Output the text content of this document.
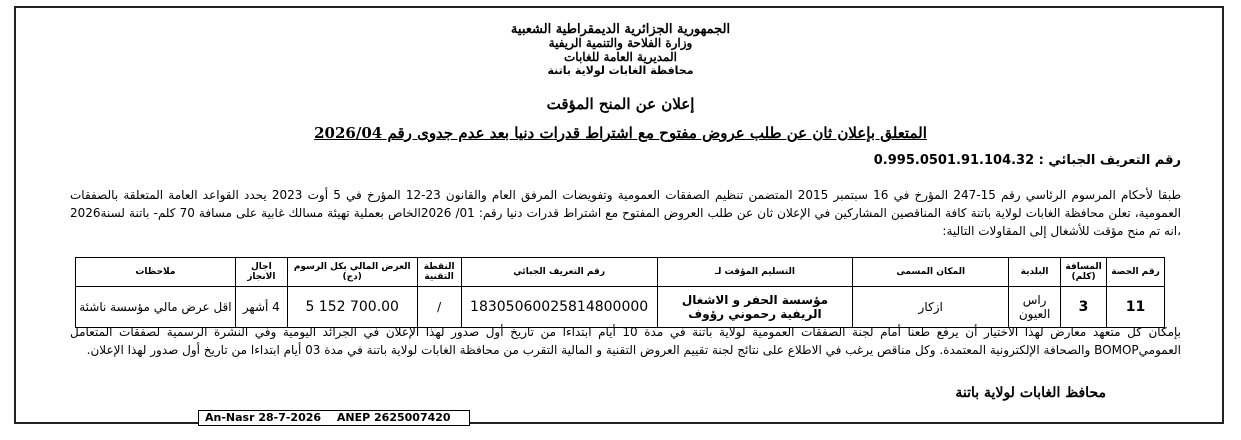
الجمهورية الجزائرية الديمقراطية الشعبية
وزارة الفلاحة والتنمية الريفية
المديرية العامة للغابات
محافظة الغابات لولاية باتنة
إعلان عن المنح المؤقت
المتعلق بإعلان ثان عن طلب عروض مفتوح مع اشتراط قدرات دنيا بعد عدم جدوى رقم 2026/04
رقم التعريف الجبائي : 0.995.0501.91.104.32
طبقا لأحكام المرسوم الرئاسي رقم 15-247 المؤرخ في 16 سبتمبر 2015 المتضمن تنظيم الصفقات العمومية وتفويضات المرفق العام والقانون 23-12 المؤرخ في 5 أوت 2023 يحدد القواعد العامة المتعلقة بالصفقات العمومية، تعلن محافظة الغابات لولاية باتنة كافة المناقصين المشاركين في الإعلان ثان عن طلب العروض المفتوح مع اشتراط قدرات دنيا رقم: 01/ 2026الخاص بعملية تهيئة مسالك غابية على مسافة 70 كلم- باتنة لسنة2026 ،انه تم منح مؤقت للأشغال إلى المقاولات التالية:
رقم الحصة	المسافة (كلم)	البلدية	المكان المسمى	التسليم المؤقت لـ	رقم التعريف الجبائي	النقطة التقنية	العرض المالي بكل الرسوم (دج)	اجال الانجاز	ملاحظات
11	3	راس العيون	ازكار	مؤسسة الحفر و الاشغال الريفية رحموني رؤوف	18305060025814800000	/	5 152 700.00	4 أشهر	اقل عرض مالي مؤسسة ناشئة
بإمكان كل متعهد معارض لهذا الاختيار أن يرفع طعنا أمام لجنة الصفقات العمومية لولاية باتنة في مدة 10 أيام ابتداءا من تاريخ أول صدور لهذا الإعلان في الجرائد اليومية وفي النشرة الرسمية لصفقات المتعامل العموميBOMOP والصحافة الإلكترونية المعتمدة. وكل مناقص يرغب في الاطلاع على نتائج لجنة تقييم العروض التقنية و المالية التقرب من محافظة الغابات لولاية باتنة في مدة 03 أيام ابتداءا من تاريخ أول صدور لهذا الإعلان.
محافظ الغابات لولاية باتنة
An-Nasr 28-7-2026 ANEP 2625007420
